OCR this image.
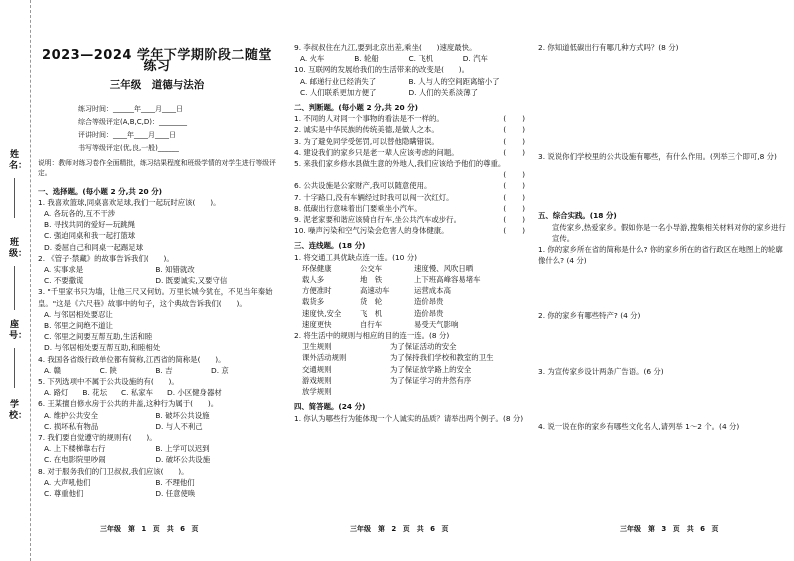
姓名：
班级：
座号：
学校：
2023—2024 学年下学期阶段二随堂练习
三年级　道德与法治
练习时间：______年____月____日
综合等级评定(A,B,C,D)：________
评讲时间：____年____月____日
书写等级评定(优,良,一般)______
说明：教师对练习卷作全面精批，练习结果程度和班级学情的对学生进行等级评定。
一、选择题。(每小题 2 分,共 20 分)
1. 我喜欢篮球,同桌喜欢足球,我们一起玩时应该(　　)。
A. 各玩各的,互不干涉
B. 寻找共同的爱好—玩跳绳
C. 强迫同桌和我一起打篮球
D. 委屈自己和同桌一起踢足球
2. 《管子·禁藏》的故事告诉我们(　　)。
A. 实事求是	B. 知错就改
C. 不要撒谎	D. 既要诚实,又要守信
3. "千里家书只为墙，让他三尺又何妨。万里长城今犹在，不见当年秦始皇。"这是《六尺巷》故事中的句子，这个典故告诉我们(　　)。
A. 与邻居相处要忍让
B. 邻里之间绝不道让
C. 邻里之间要互帮互助,生活和睦
D. 与邻居相处要互帮互助,和睦相处
4. 我国各省级行政单位都有简称,江西省的简称是(　　)。
A. 赣	C. 陕	B. 吉	D. 京
5. 下列选项中不属于公共设施的有(　　)。
A. 路灯 B. 花坛 C. 私家车 D. 小区健身器材
6. 王某擅自修水房于公共的井盖,这种行为属于(　　)。
A. 维护公共安全	B. 破坏公共设施
C. 损坏私有物品	D. 与人不利己
7. 我们要自觉遵守的规则有(　　)。
A. 上下楼梯靠右行	B. 上学可以迟到
C. 在电影院里吵闹	D. 破坏公共设施
8. 对于服务我们的门卫叔叔,我们应该(　　)。
A. 大声吼他们	B. 不理他们
C. 尊重他们	D. 任意使唤
9. 李叔叔住在九江,要到北京出差,乘坐(　　)速度最快。
A. 火车	B. 轮船	C. 飞机	D. 汽车
10. 互联网的发展给我们的生活带来的改变是(　　)。
A. 邮递行业已经消失了	B. 人与人的空间距离缩小了
C. 人们联系更加方便了	D. 人们的关系淡薄了
二、判断题。(每小题 2 分,共 20 分)
1. 不同的人对同一个事物的看法是不一样的。	(　　)
2. 诚实是中华民族的传统美德,是做人之本。	(　　)
3. 为了避免同学受惩罚,可以替他隐瞒错误。	(　　)
4. 建设我们的家乡只是老一辈人应该考虑的问题。	(　　)
5. 来我们家乡修水县做生意的外地人,我们应该给予他们的尊重。
(　　)
6. 公共设施是公家财产,我可以随意使用。	(　　)
7. 十字路口,没有车辆经过时我可以闯一次红灯。	(　　)
8. 低碳出行意味着出门要乘坐小汽车。	(　　)
9. 泥老家要和谐应该骑自行车,坐公共汽车或步行。	(　　)
10. 噪声污染和空气污染会危害人的身体健康。	(　　)
三、连线题。(18 分)
1. 将交通工具优缺点连一连。(10 分)
环保健康	公交车	速度慢、风吹日晒
载人多	地　铁	上下班高峰容易堵车
方便准时	高速动车	运营成本高
载货多	货　轮	造价昂贵
速度快,安全	飞　机	造价昂贵
速度更快	自行车	易受天气影响
2. 将生活中的规则与相应的目的连一连。(8 分)
卫生规则	为了保证活动的安全
课外活动规则	为了保持我们学校和教室的卫生
交通规则	为了保证放学路上的安全
游戏规则	为了保证学习的井然有序
放学规则
四、简答题。(24 分)
1. 你认为哪些行为能体现一个人诚实的品质？请举出两个例子。(8 分)
2. 你知道低碳出行有哪几种方式吗？(8 分)
3. 说说你们学校里的公共设施有哪些，有什么作用。(列举三个即可,8 分)
五、综合实践。(18 分)
宣传家乡,热爱家乡。假如你是一名小导游,搜集相关材料对你的家乡进行宣传。
1. 你的家乡所在省的简称是什么? 你的家乡所在的省行政区在地图上的轮廓像什么? (4 分)
2. 你的家乡有哪些特产? (4 分)
3. 为宣传家乡设计两条广告语。(6 分)
4. 说一说在你的家乡有哪些文化名人,请列举 1～2 个。(4 分)
三年级　第 1 页　共 6 页	三年级　第 2 页　共 6 页	三年级　第 3 页　共 6 页
